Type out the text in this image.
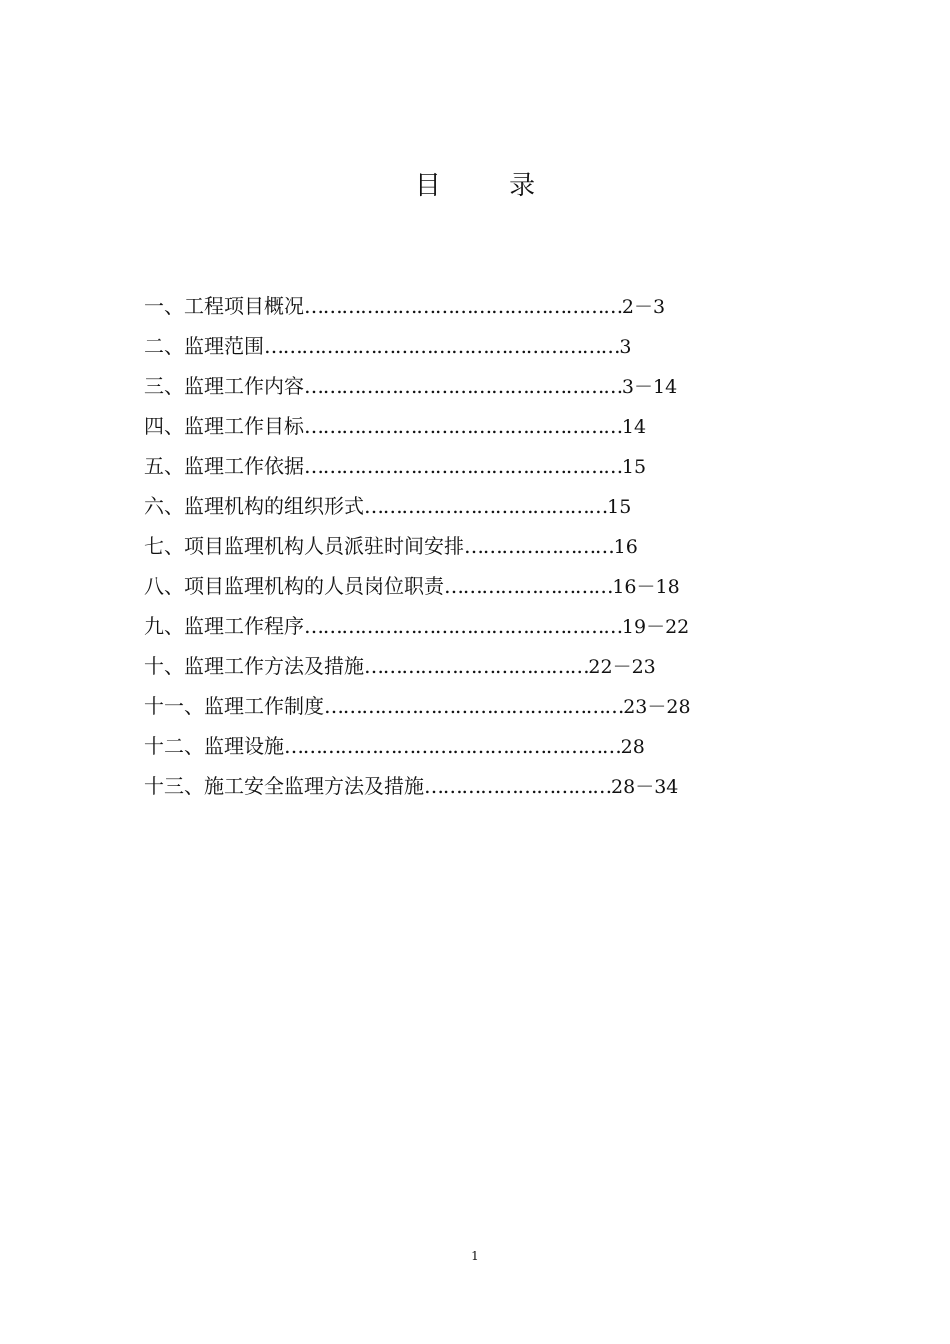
目 录
一、工程项目概况……………………………………………2－3
二、监理范围…………………………………………………3
三、监理工作内容……………………………………………3－14
四、监理工作目标……………………………………………14
五、监理工作依据……………………………………………15
六、监理机构的组织形式…………………………………15
七、项目监理机构人员派驻时间安排……………………16
八、项目监理机构的人员岗位职责………………………16－18
九、监理工作程序……………………………………………19－22
十、监理工作方法及措施………………………………22－23
十一、监理工作制度…………………………………………23－28
十二、监理设施………………………………………………28
十三、施工安全监理方法及措施…………………………28－34
1
